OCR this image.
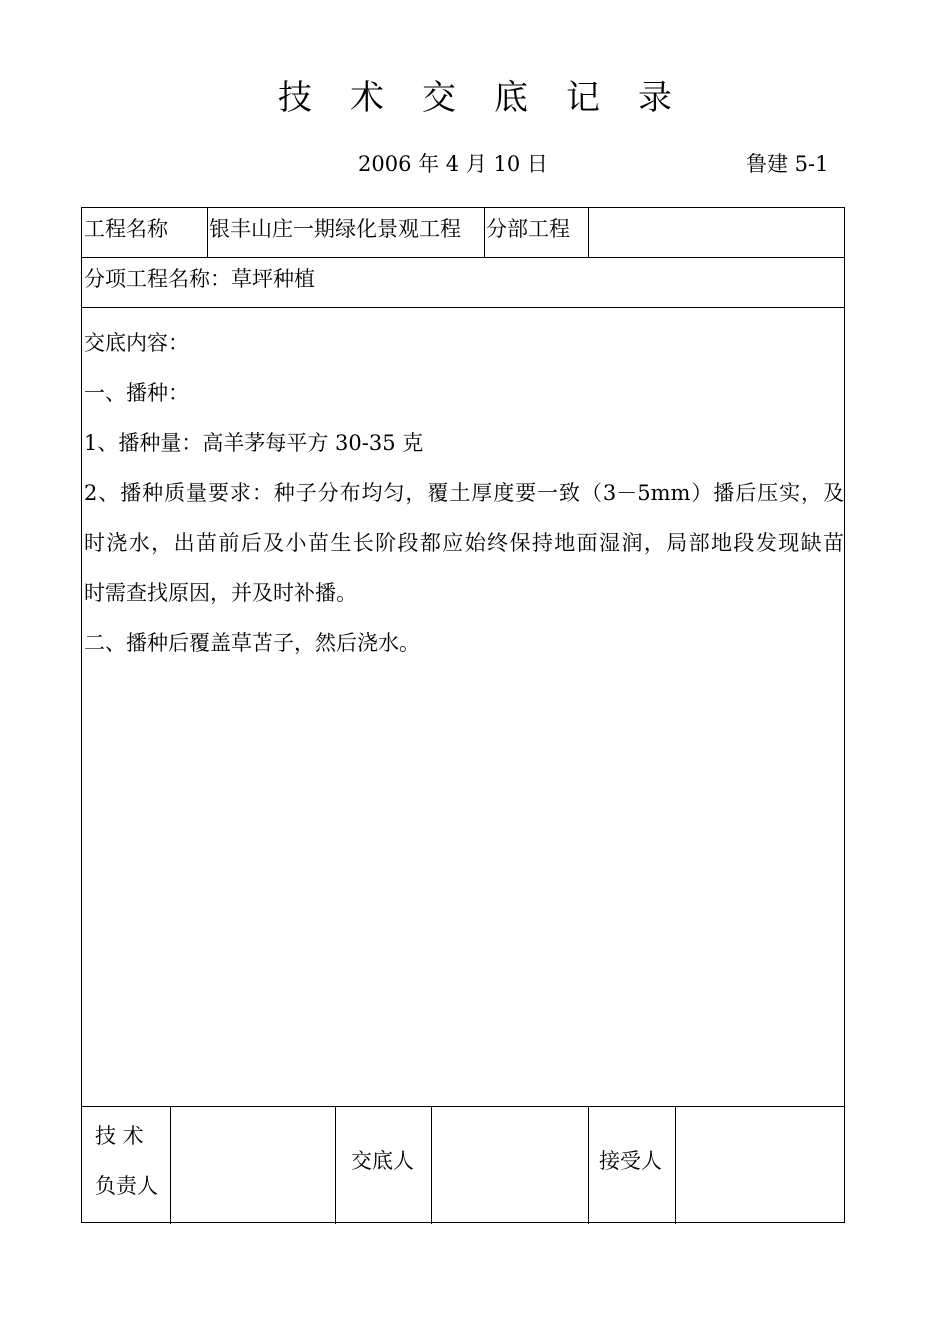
技术交底记录
2006 年 4 月 10 日	鲁建 5-1
工程名称 银丰山庄一期绿化景观工程 分部工程
分项工程名称：草坪种植

交底内容：

一、播种：

1、播种量：高羊茅每平方 30-35 克

2、播种质量要求：种子分布均匀，覆土厚度要一致（3－5mm）播后压实，及

时浇水，出苗前后及小苗生长阶段都应始终保持地面湿润，局部地段发现缺苗

时需查找原因，并及时补播。

二、播种后覆盖草苫子，然后浇水。

技 术
负责人
交底人	接受人
